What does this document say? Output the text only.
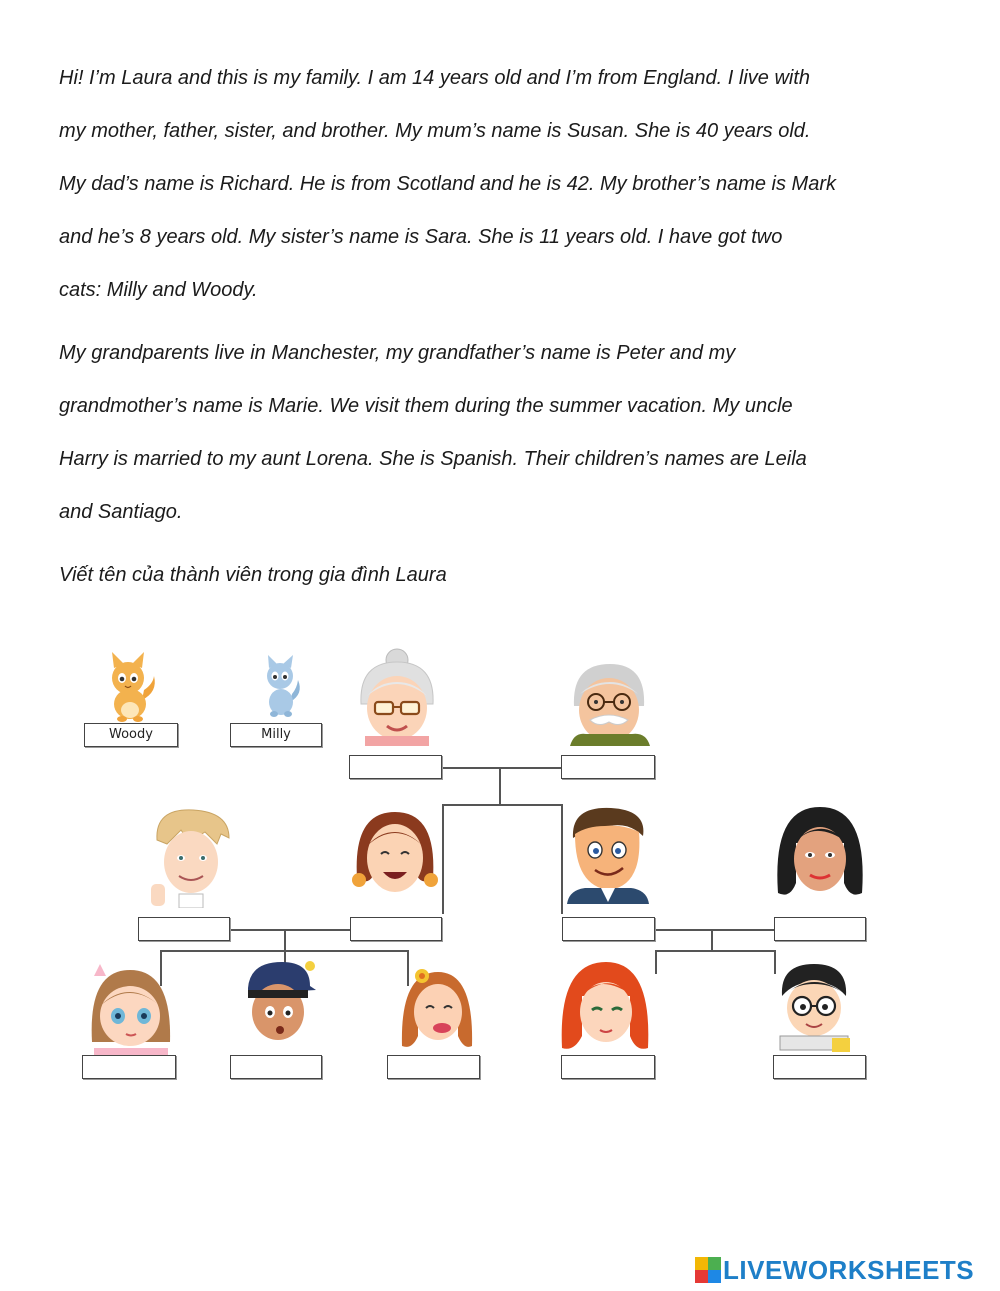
Hi! I’m Laura and this is my family. I am 14 years old and I’m from England. I live with
my mother, father, sister, and brother. My mum’s name is Susan. She is 40 years old.
My dad’s name is Richard. He is from Scotland and he is 42. My brother’s name is Mark
and he’s 8 years old. My sister’s name is Sara. She is 11 years old. I have got two
cats: Milly and Woody.
My grandparents live in Manchester, my grandfather’s name is Peter and my
grandmother’s name is Marie. We visit them during the summer vacation. My uncle
Harry is married to my aunt Lorena. She is Spanish. Their children’s names are Leila
and Santiago.
Viết tên của thành viên trong gia đình Laura
Woody	Milly
LIVEWORKSHEETS
